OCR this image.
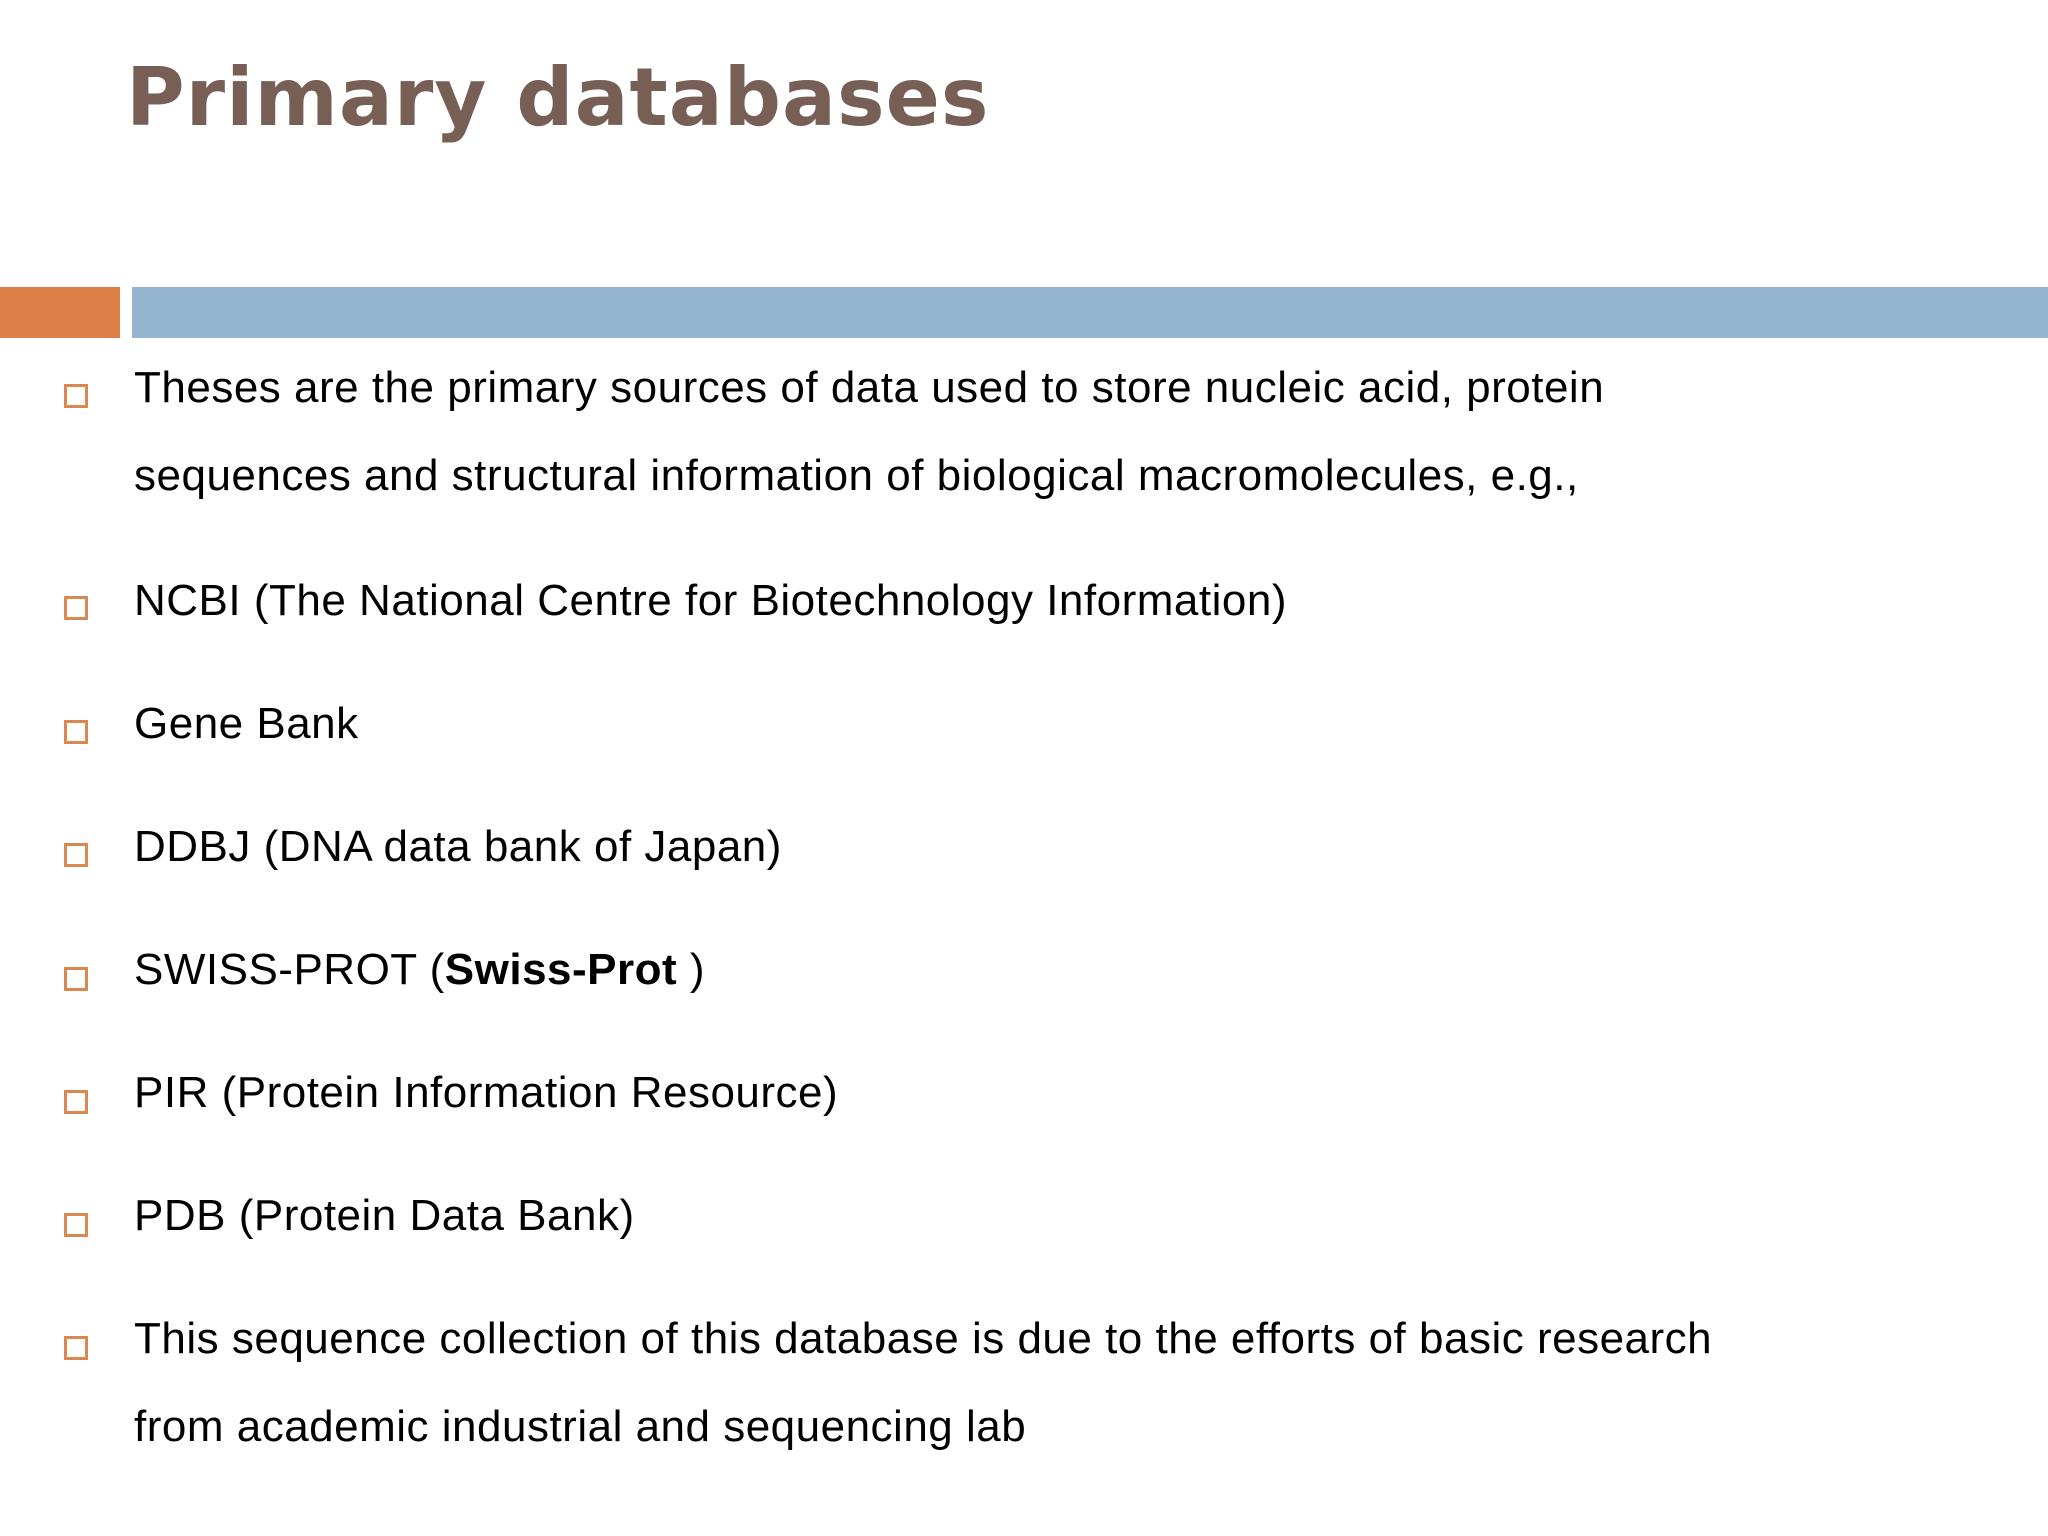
Primary databases
Theses are the primary sources of data used to store nucleic acid, protein
sequences and structural information of biological macromolecules, e.g.,
NCBI (The National Centre for Biotechnology Information)
Gene Bank
DDBJ (DNA data bank of Japan)
SWISS-PROT (Swiss-Prot )
PIR (Protein Information Resource)
PDB (Protein Data Bank)
This sequence collection of this database is due to the efforts of basic research
from academic industrial and sequencing lab
